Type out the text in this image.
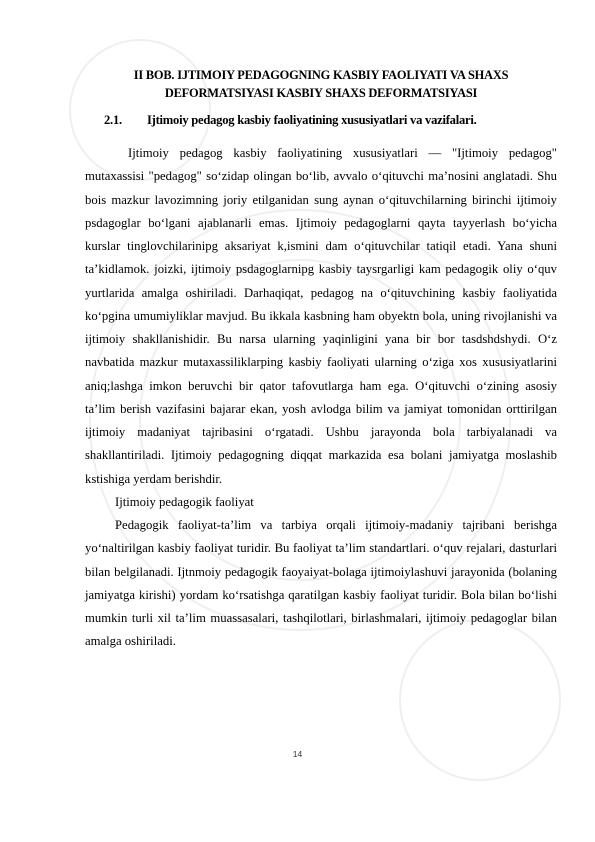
II BOB. IJTIMOIY PEDAGOGNING KASBIY FAOLIYATI VA SHAXS DEFORMATSIYASI KASBIY SHAXS DEFORMATSIYASI
2.1. Ijtimoiy pedagog kasbiy faoliyatining xususiyatlari va vazifalari.

Ijtimoiy pedagog kasbiy faoliyatining xususiyatlari — "Ijtimoiy pedagog" mutaxassisi "pedagog" so‘zidap olingan bo‘lib, avvalo o‘qituvchi ma’nosini anglatadi. Shu bois mazkur lavozimning joriy etilganidan sung aynan o‘qituvchilarning birinchi ijtimoiy psdagoglar bo‘lgani ajablanarli emas. Ijtimoiy pedagoglarni qayta tayyerlash bo‘yicha kurslar tinglovchilarinipg aksariyat k,ismini dam o‘qituvchilar tatiqil etadi. Yana shuni ta’kidlamok. joizki, ijtimoiy psdagoglarnipg kasbiy taysrgarligi kam pedagogik oliy o‘quv yurtlarida amalga oshiriladi. Darhaqiqat, pedagog na o‘qituvchining kasbiy faoliyatida ko‘pgina umumiyliklar mavjud. Bu ikkala kasbning ham obyektn bola, uning rivojlanishi va ijtimoiy shakllanishidir. Bu narsa ularning yaqinligini yana bir bor tasdshdshydi. O‘z navbatida mazkur mutaxassiliklarping kasbiy faoliyati ularning o‘ziga xos xususiyatlarini aniq;lashga imkon beruvchi bir qator tafovutlarga ham ega. O‘qituvchi o‘zining asosiy ta’lim berish vazifasini bajarar ekan, yosh avlodga bilim va jamiyat tomonidan orttirilgan ijtimoiy madaniyat tajribasini o‘rgatadi. Ushbu jarayonda bola tarbiyalanadi va shakllantiriladi. Ijtimoiy pedagogning diqqat markazida esa bolani jamiyatga moslashib kstishiga yerdam berishdir.

Ijtimoiy pedagogik faoliyat

Pedagogik faoliyat-ta’lim va tarbiya orqali ijtimoiy-madaniy tajribani berishga yo‘naltirilgan kasbiy faoliyat turidir. Bu faoliyat ta’lim standartlari. o‘quv rejalari, dasturlari bilan belgilanadi. Ijtnmoiy pedagogik faoyaiyat-bolaga ijtimoiylashuvi jarayonida (bolaning jamiyatga kirishi) yordam ko‘rsatishga qaratilgan kasbiy faoliyat turidir. Bola bilan bo‘lishi mumkin turli xil ta’lim muassasalari, tashqilotlari, birlashmalari, ijtimoiy pedagoglar bilan amalga oshiriladi.

14
